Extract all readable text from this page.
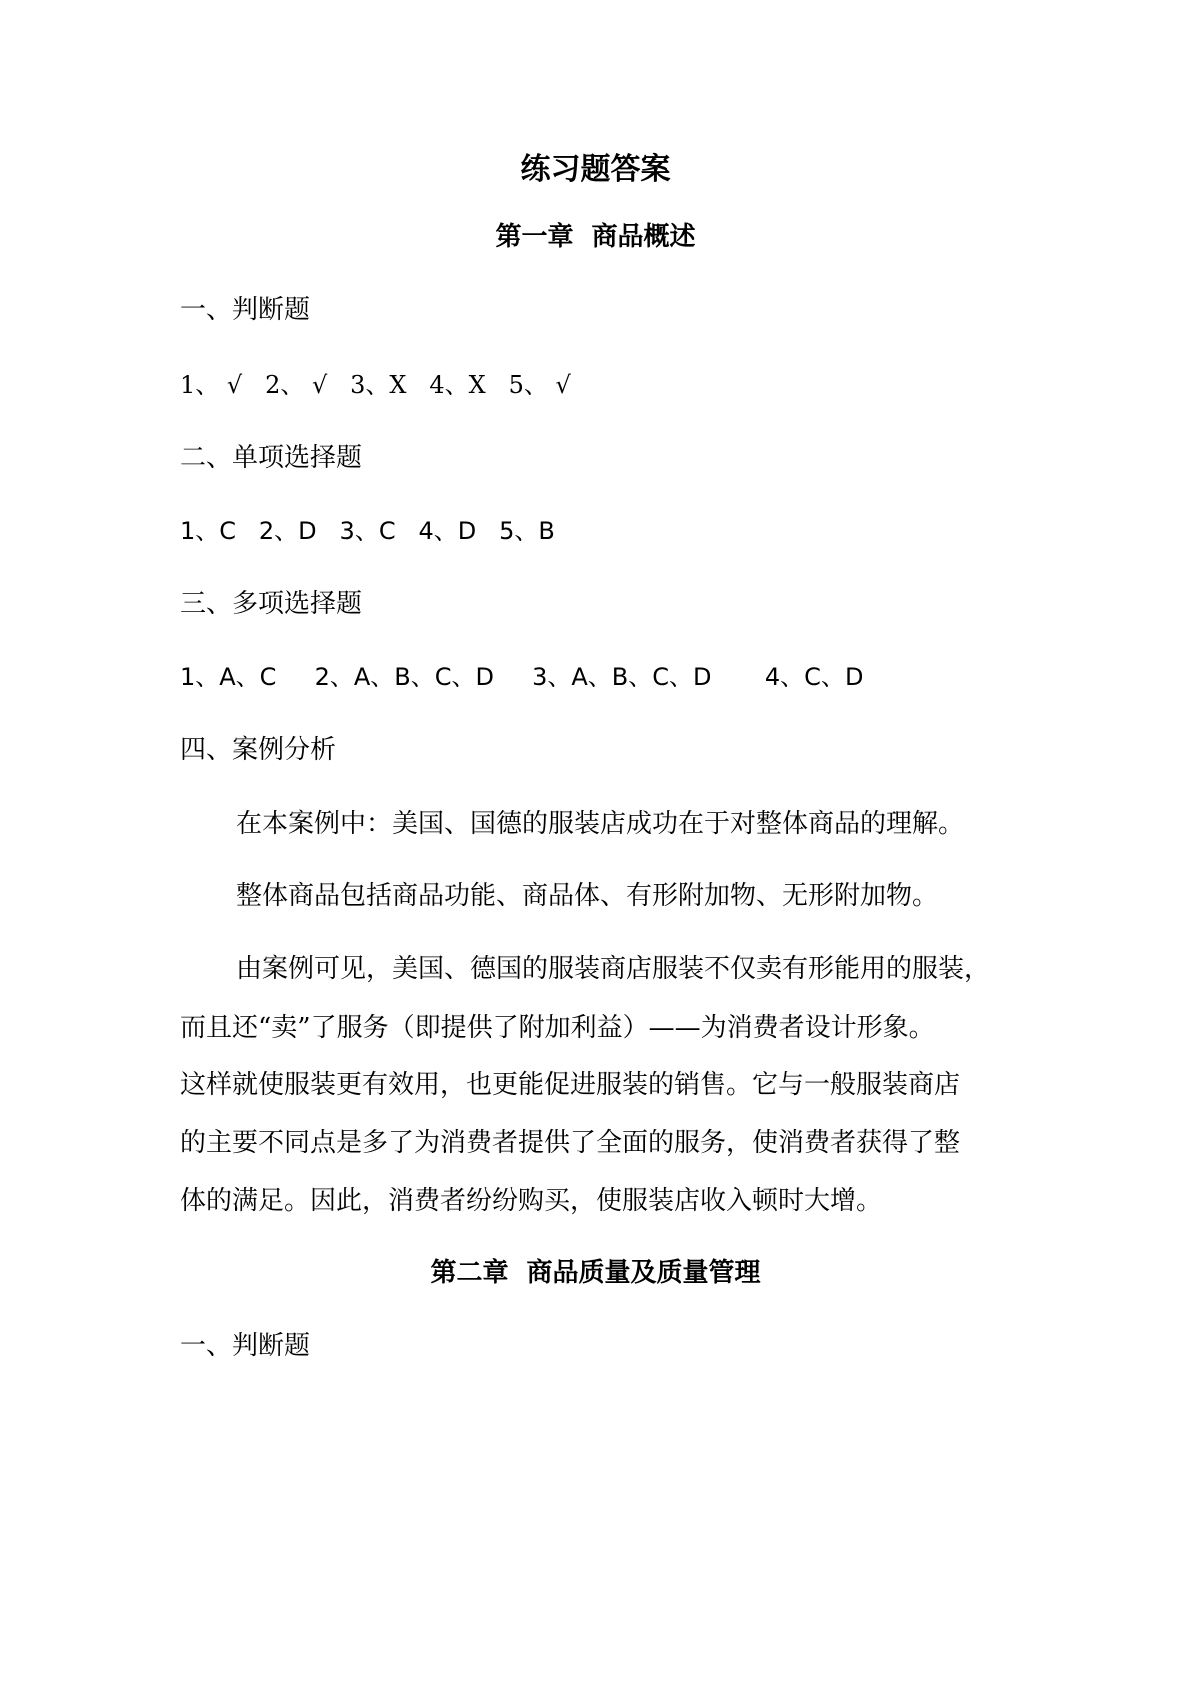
练习题答案
第一章  商品概述
一、判断题
1、 √   2、 √   3、X   4、X   5、 √
二、单项选择题
1、C   2、D   3、C   4、D   5、B
三、多项选择题
1、A、C     2、A、B、C、D     3、A、B、C、D       4、C、D
四、案例分析
在本案例中：美国、国德的服装店成功在于对整体商品的理解。
整体商品包括商品功能、商品体、有形附加物、无形附加物。
由案例可见，美国、德国的服装商店服装不仅卖有形能用的服装，
而且还“卖”了服务（即提供了附加利益）——为消费者设计形象。
这样就使服装更有效用，也更能促进服装的销售。它与一般服装商店
的主要不同点是多了为消费者提供了全面的服务，使消费者获得了整
体的满足。因此，消费者纷纷购买，使服装店收入顿时大增。
第二章  商品质量及质量管理
一、判断题
